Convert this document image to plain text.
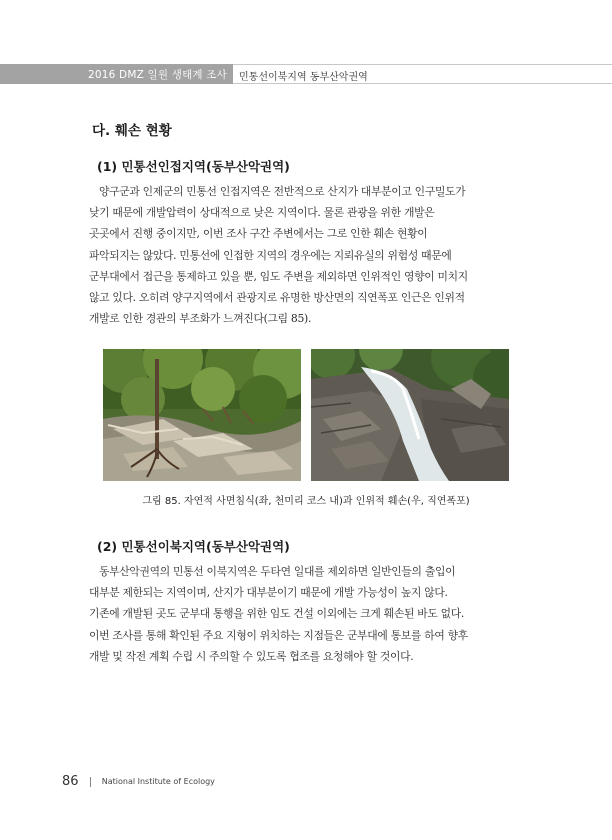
2016 DMZ 일원 생태계 조사 민통선이북지역 동부산악권역
다. 훼손 현황
(1) 민통선인접지역(동부산악권역)
양구군과 인제군의 민통선 인접지역은 전반적으로 산지가 대부분이고 인구밀도가
낮기 때문에 개발압력이 상대적으로 낮은 지역이다. 물론 관광을 위한 개발은
곳곳에서 진행 중이지만, 이번 조사 구간 주변에서는 그로 인한 훼손 현황이
파악되지는 않았다. 민통선에 인접한 지역의 경우에는 지뢰유실의 위험성 때문에
군부대에서 접근을 통제하고 있을 뿐, 임도 주변을 제외하면 인위적인 영향이 미치지
않고 있다. 오히려 양구지역에서 관광지로 유명한 방산면의 직연폭포 인근은 인위적
개발로 인한 경관의 부조화가 느껴진다(그림 85).
그림 85. 자연적 사면침식(좌, 천미리 코스 내)과 인위적 훼손(우, 직연폭포)
(2) 민통선이북지역(동부산악권역)
동부산악권역의 민통선 이북지역은 두타연 일대를 제외하면 일반인들의 출입이
대부분 제한되는 지역이며, 산지가 대부분이기 때문에 개발 가능성이 높지 않다.
기존에 개발된 곳도 군부대 통행을 위한 임도 건설 이외에는 크게 훼손된 바도 없다.
이번 조사를 통해 확인된 주요 지형이 위치하는 지점들은 군부대에 통보를 하여 향후
개발 및 작전 계획 수립 시 주의할 수 있도록 협조를 요청해야 할 것이다.
86	National Institute of Ecology
